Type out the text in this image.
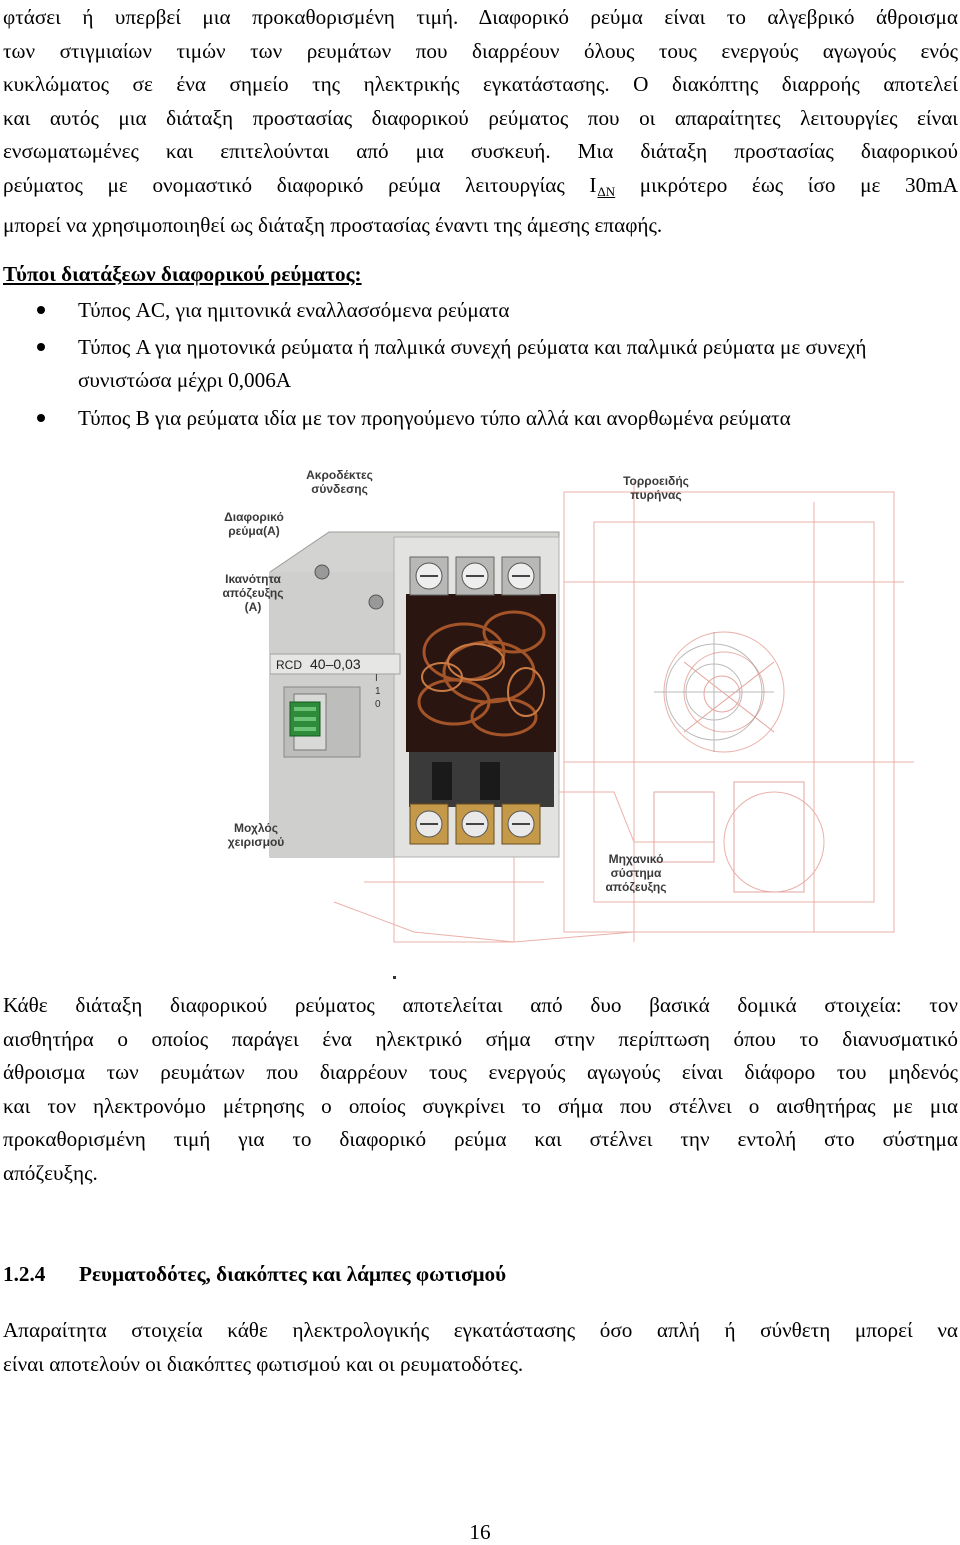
φτάσει ή υπερβεί μια προκαθορισμένη τιμή. Διαφορικό ρεύμα είναι το αλγεβρικό άθροισμα
των στιγμιαίων τιμών των ρευμάτων που διαρρέουν όλους τους ενεργούς αγωγούς ενός
κυκλώματος σε ένα σημείο της ηλεκτρικής εγκατάστασης. Ο διακόπτης διαρροής αποτελεί
και αυτός μια διάταξη προστασίας διαφορικού ρεύματος που οι απαραίτητες λειτουργίες είναι
ενσωματωμένες και επιτελούνται από μια συσκευή. Μια διάταξη προστασίας διαφορικού
ρεύματος με ονομαστικό διαφορικό ρεύμα λειτουργίας $I_{\Delta N}$ μικρότερο έως ίσο με 30mA
μπορεί να χρησιμοποιηθεί ως διάταξη προστασίας έναντι της άμεσης επαφής.
Τύποι διατάξεων διαφορικού ρεύματος:
Τύπος AC, για ημιτονικά εναλλασσόμενα ρεύματα
Τύπος A για ημοτονικά ρεύματα ή παλμικά συνεχή ρεύματα και παλμικά ρεύματα με συνεχή συνιστώσα μέχρι 0,006A
Τύπος B για ρεύματα ιδία με τον προηγούμενο τύπο αλλά και ανορθωμένα ρεύματα
RCD 40–0,03
I
1
0
Ακροδέκτες
σύνδεσης
Διαφορικό
ρεύμα(A)
Ικανότητα
απόζευξης
(A)
Τορροειδής
πυρήνας
Μοχλός
χειρισμού
Μηχανικό
σύστημα
απόζευξης
Κάθε διάταξη διαφορικού ρεύματος αποτελείται από δυο βασικά δομικά στοιχεία: τον
αισθητήρα ο οποίος παράγει ένα ηλεκτρικό σήμα στην περίπτωση όπου το διανυσματικό
άθροισμα των ρευμάτων που διαρρέουν τους ενεργούς αγωγούς είναι διάφορο του μηδενός
και τον ηλεκτρονόμο μέτρησης ο οποίος συγκρίνει το σήμα που στέλνει ο αισθητήρας με μια
προκαθορισμένη τιμή για το διαφορικό ρεύμα και στέλνει την εντολή στο σύστημα
απόζευξης.
1.2.4 Ρευματοδότες, διακόπτες και λάμπες φωτισμού
Απαραίτητα στοιχεία κάθε ηλεκτρολογικής εγκατάστασης όσο απλή ή σύνθετη μπορεί να
είναι αποτελούν οι διακόπτες φωτισμού και οι ρευματοδότες.
16
